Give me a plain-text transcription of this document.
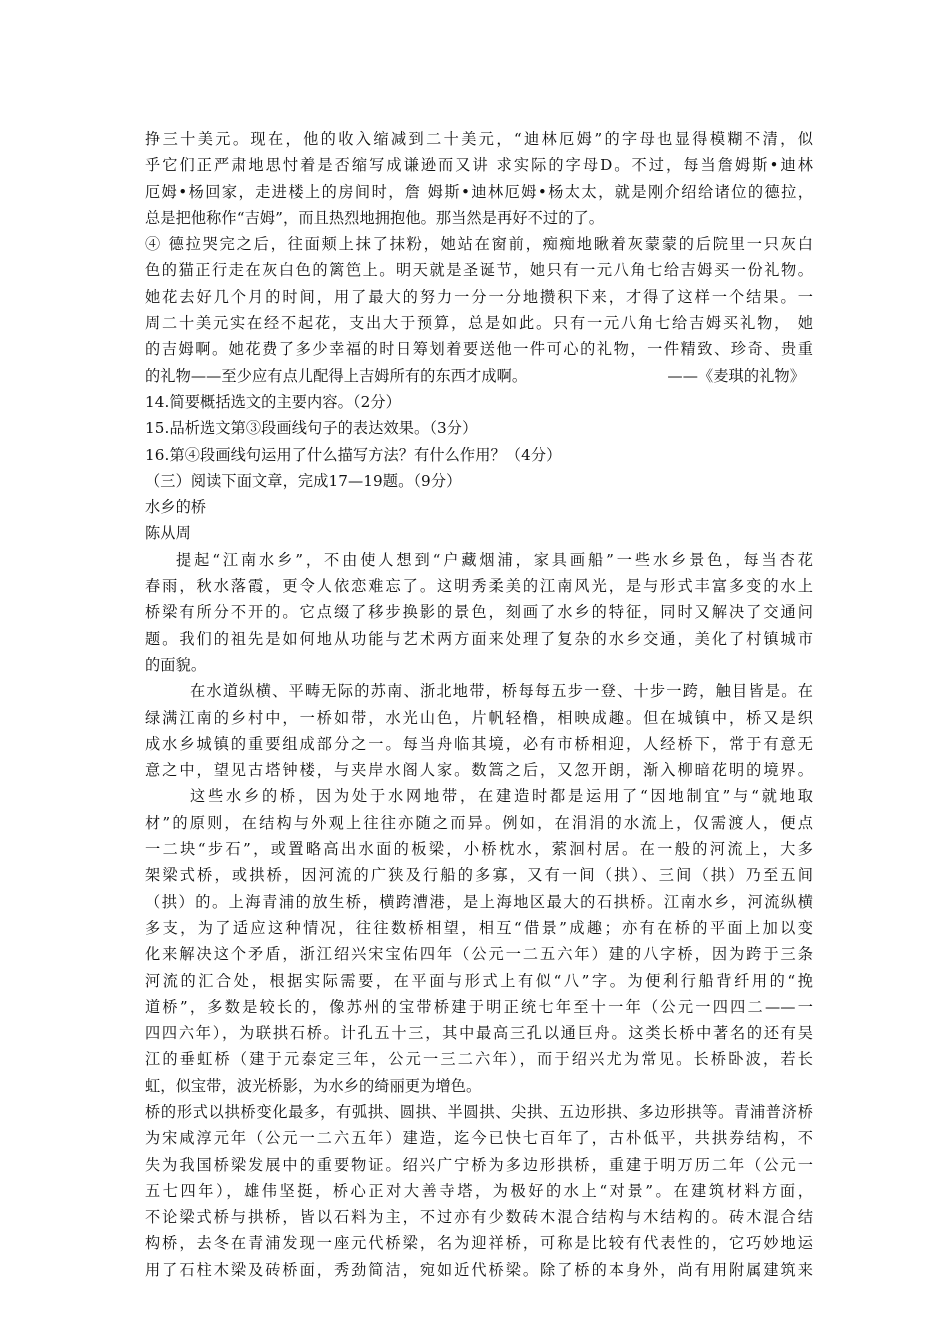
挣三十美元。现在，他的收入缩减到二十美元，“迪林厄姆”的字母也显得模糊不清，似
乎它们正严肃地思忖着是否缩写成谦逊而又讲 求实际的字母D。不过，每当詹姆斯•迪林
厄姆•杨回家，走进楼上的房间时，詹 姆斯•迪林厄姆•杨太太，就是刚介绍给诸位的德拉，
总是把他称作“吉姆”，而且热烈地拥抱他。那当然是再好不过的了。
④ 德拉哭完之后，往面颊上抹了抹粉，她站在窗前，痴痴地瞅着灰蒙蒙的后院里一只灰白
色的猫正行走在灰白色的篱笆上。明天就是圣诞节，她只有一元八角七给吉姆买一份礼物。
她花去好几个月的时间，用了最大的努力一分一分地攒积下来，才得了这样一个结果。一
周二十美元实在经不起花，支出大于预算，总是如此。只有一元八角七给吉姆买礼物， 她
的吉姆啊。她花费了多少幸福的时日筹划着要送他一件可心的礼物，一件精致、珍奇、贵重
的礼物——至少应有点儿配得上吉姆所有的东西才成啊。	——《麦琪的礼物》
14.简要概括选文的主要内容。（2分）
15.品析选文第③段画线句子的表达效果。（3分）
16.第④段画线句运用了什么描写方法？有什么作用？（4分）
（三）阅读下面文章，完成17—19题。（9分）
水乡的桥
陈从周
提起“江南水乡”，不由使人想到“户藏烟浦，家具画船”一些水乡景色，每当杏花
春雨，秋水落霞，更令人依恋难忘了。这明秀柔美的江南风光，是与形式丰富多变的水上
桥梁有所分不开的。它点缀了移步换影的景色，刻画了水乡的特征，同时又解决了交通问
题。我们的祖先是如何地从功能与艺术两方面来处理了复杂的水乡交通，美化了村镇城市
的面貌。
在水道纵横、平畴无际的苏南、浙北地带，桥每每五步一登、十步一跨，触目皆是。在
绿满江南的乡村中，一桥如带，水光山色，片帆轻橹，相映成趣。但在城镇中，桥又是织
成水乡城镇的重要组成部分之一。每当舟临其境，必有市桥相迎，人经桥下，常于有意无
意之中，望见古塔钟楼，与夹岸水阁人家。数篙之后，又忽开朗，渐入柳暗花明的境界。
这些水乡的桥，因为处于水网地带，在建造时都是运用了“因地制宜”与“就地取
材”的原则，在结构与外观上往往亦随之而异。例如，在涓涓的水流上，仅需渡人，便点
一二块“步石”，或置略高出水面的板梁，小桥枕水，萦洄村居。在一般的河流上，大多
架梁式桥，或拱桥，因河流的广狭及行船的多寡，又有一间（拱）、三间（拱）乃至五间
（拱）的。上海青浦的放生桥，横跨漕港，是上海地区最大的石拱桥。江南水乡，河流纵横
多支，为了适应这种情况，往往数桥相望，相互“借景”成趣；亦有在桥的平面上加以变
化来解决这个矛盾，浙江绍兴宋宝佑四年（公元一二五六年）建的八字桥，因为跨于三条
河流的汇合处，根据实际需要，在平面与形式上有似“八”字。为便利行船背纤用的“挽
道桥”，多数是较长的，像苏州的宝带桥建于明正统七年至十一年（公元一四四二——一
四四六年），为联拱石桥。计孔五十三，其中最高三孔以通巨舟。这类长桥中著名的还有吴
江的垂虹桥（建于元泰定三年，公元一三二六年），而于绍兴尤为常见。长桥卧波，若长
虹，似宝带，波光桥影，为水乡的绮丽更为增色。
桥的形式以拱桥变化最多，有弧拱、圆拱、半圆拱、尖拱、五边形拱、多边形拱等。青浦普济桥
为宋咸淳元年（公元一二六五年）建造，迄今已快七百年了，古朴低平，共拱券结构，不
失为我国桥梁发展中的重要物证。绍兴广宁桥为多边形拱桥，重建于明万历二年（公元一
五七四年），雄伟坚挺，桥心正对大善寺塔，为极好的水上“对景”。在建筑材料方面，
不论梁式桥与拱桥，皆以石料为主，不过亦有少数砖木混合结构与木结构的。砖木混合结
构桥，去冬在青浦发现一座元代桥梁，名为迎祥桥，可称是比较有代表性的，它巧妙地运
用了石柱木梁及砖桥面，秀劲简洁，宛如近代桥梁。除了桥的本身外，尚有用附属建筑来
